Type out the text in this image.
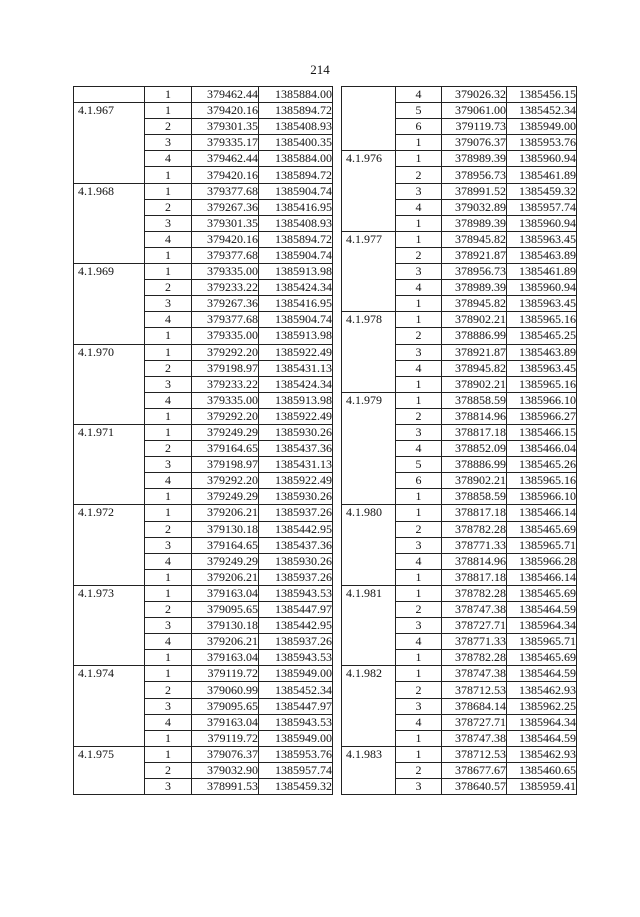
214
	1	379462.44	1385884.00
4.1.967	1	379420.16	1385894.72
	2	379301.35	1385408.93
	3	379335.17	1385400.35
	4	379462.44	1385884.00
	1	379420.16	1385894.72
4.1.968	1	379377.68	1385904.74
	2	379267.36	1385416.95
	3	379301.35	1385408.93
	4	379420.16	1385894.72
	1	379377.68	1385904.74
4.1.969	1	379335.00	1385913.98
	2	379233.22	1385424.34
	3	379267.36	1385416.95
	4	379377.68	1385904.74
	1	379335.00	1385913.98
4.1.970	1	379292.20	1385922.49
	2	379198.97	1385431.13
	3	379233.22	1385424.34
	4	379335.00	1385913.98
	1	379292.20	1385922.49
4.1.971	1	379249.29	1385930.26
	2	379164.65	1385437.36
	3	379198.97	1385431.13
	4	379292.20	1385922.49
	1	379249.29	1385930.26
4.1.972	1	379206.21	1385937.26
	2	379130.18	1385442.95
	3	379164.65	1385437.36
	4	379249.29	1385930.26
	1	379206.21	1385937.26
4.1.973	1	379163.04	1385943.53
	2	379095.65	1385447.97
	3	379130.18	1385442.95
	4	379206.21	1385937.26
	1	379163.04	1385943.53
4.1.974	1	379119.72	1385949.00
	2	379060.99	1385452.34
	3	379095.65	1385447.97
	4	379163.04	1385943.53
	1	379119.72	1385949.00
4.1.975	1	379076.37	1385953.76
	2	379032.90	1385957.74
	3	378991.53	1385459.32
	4	379026.32	1385456.15
	5	379061.00	1385452.34
	6	379119.73	1385949.00
	1	379076.37	1385953.76
4.1.976	1	378989.39	1385960.94
	2	378956.73	1385461.89
	3	378991.52	1385459.32
	4	379032.89	1385957.74
	1	378989.39	1385960.94
4.1.977	1	378945.82	1385963.45
	2	378921.87	1385463.89
	3	378956.73	1385461.89
	4	378989.39	1385960.94
	1	378945.82	1385963.45
4.1.978	1	378902.21	1385965.16
	2	378886.99	1385465.25
	3	378921.87	1385463.89
	4	378945.82	1385963.45
	1	378902.21	1385965.16
4.1.979	1	378858.59	1385966.10
	2	378814.96	1385966.27
	3	378817.18	1385466.15
	4	378852.09	1385466.04
	5	378886.99	1385465.26
	6	378902.21	1385965.16
	1	378858.59	1385966.10
4.1.980	1	378817.18	1385466.14
	2	378782.28	1385465.69
	3	378771.33	1385965.71
	4	378814.96	1385966.28
	1	378817.18	1385466.14
4.1.981	1	378782.28	1385465.69
	2	378747.38	1385464.59
	3	378727.71	1385964.34
	4	378771.33	1385965.71
	1	378782.28	1385465.69
4.1.982	1	378747.38	1385464.59
	2	378712.53	1385462.93
	3	378684.14	1385962.25
	4	378727.71	1385964.34
	1	378747.38	1385464.59
4.1.983	1	378712.53	1385462.93
	2	378677.67	1385460.65
	3	378640.57	1385959.41
